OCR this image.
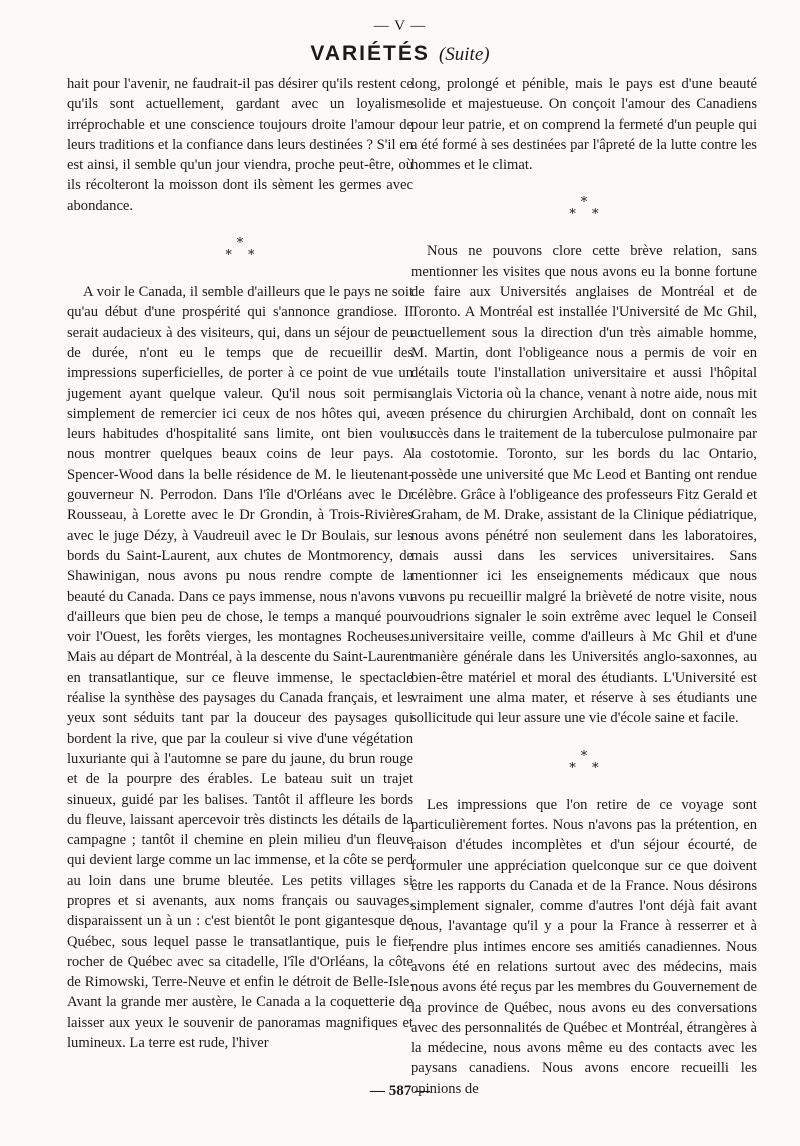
— V —
VARIÉTÉS (Suite)

hait pour l'avenir, ne faudrait-il pas désirer qu'ils restent ce qu'ils sont actuellement, gardant avec un loyalisme irréprochable et une conscience toujours droite l'amour de leurs traditions et la confiance dans leurs destinées ? S'il en est ainsi, il semble qu'un jour viendra, proche peut-être, où ils récolteront la moisson dont ils sèment les germes avec abondance.

*
* *

A voir le Canada, il semble d'ailleurs que le pays ne soit qu'au début d'une prospérité qui s'annonce grandiose. Il serait audacieux à des visiteurs, qui, dans un séjour de peu de durée, n'ont eu le temps que de recueillir des impressions superficielles, de porter à ce point de vue un jugement ayant quelque valeur. Qu'il nous soit permis simplement de remercier ici ceux de nos hôtes qui, avec leurs habitudes d'hospitalité sans limite, ont bien voulu nous montrer quelques beaux coins de leur pays. A Spencer-Wood dans la belle résidence de M. le lieutenant-gouverneur N. Perrodon. Dans l'île d'Orléans avec le Dr Rousseau, à Lorette avec le Dr Grondin, à Trois-Rivières avec le juge Dézy, à Vaudreuil avec le Dr Boulais, sur les bords du Saint-Laurent, aux chutes de Montmorency, de Shawinigan, nous avons pu nous rendre compte de la beauté du Canada. Dans ce pays immense, nous n'avons vu d'ailleurs que bien peu de chose, le temps a manqué pour voir l'Ouest, les forêts vierges, les montagnes Rocheuses. Mais au départ de Montréal, à la descente du Saint-Laurent en transatlantique, sur ce fleuve immense, le spectacle réalise la synthèse des paysages du Canada français, et les yeux sont séduits tant par la douceur des paysages qui bordent la rive, que par la couleur si vive d'une végétation luxuriante qui à l'automne se pare du jaune, du brun rouge et de la pourpre des érables. Le bateau suit un trajet sinueux, guidé par les balises. Tantôt il affleure les bords du fleuve, laissant apercevoir très distincts les détails de la campagne ; tantôt il chemine en plein milieu d'un fleuve qui devient large comme un lac immense, et la côte se perd au loin dans une brume bleutée. Les petits villages si propres et si avenants, aux noms français ou sauvages, disparaissent un à un : c'est bientôt le pont gigantesque de Québec, sous lequel passe le transatlantique, puis le fier rocher de Québec avec sa citadelle, l'île d'Orléans, la côte de Rimowski, Terre-Neuve et enfin le détroit de Belle-Isle. Avant la grande mer austère, le Canada a la coquetterie de laisser aux yeux le souvenir de panoramas magnifiques et lumineux. La terre est rude, l'hiver

long, prolongé et pénible, mais le pays est d'une beauté solide et majestueuse. On conçoit l'amour des Canadiens pour leur patrie, et on comprend la fermeté d'un peuple qui a été formé à ses destinées par l'âpreté de la lutte contre les hommes et le climat.

*
* *

Nous ne pouvons clore cette brève relation, sans mentionner les visites que nous avons eu la bonne fortune de faire aux Universités anglaises de Montréal et de Toronto. A Montréal est installée l'Université de Mc Ghil, actuellement sous la direction d'un très aimable homme, M. Martin, dont l'obligeance nous a permis de voir en détails toute l'installation universitaire et aussi l'hôpital anglais Victoria où la chance, venant à notre aide, nous mit en présence du chirurgien Archibald, dont on connaît les succès dans le traitement de la tuberculose pulmonaire par la costotomie. Toronto, sur les bords du lac Ontario, possède une université que Mc Leod et Banting ont rendue célèbre. Grâce à l'obligeance des professeurs Fitz Gerald et Graham, de M. Drake, assistant de la Clinique pédiatrique, nous avons pénétré non seulement dans les laboratoires, mais aussi dans les services universitaires. Sans mentionner ici les enseignements médicaux que nous avons pu recueillir malgré la brièveté de notre visite, nous voudrions signaler le soin extrême avec lequel le Conseil universitaire veille, comme d'ailleurs à Mc Ghil et d'une manière générale dans les Universités anglo-saxonnes, au bien-être matériel et moral des étudiants. L'Université est vraiment une alma mater, et réserve à ses étudiants une sollicitude qui leur assure une vie d'école saine et facile.

*
* *

Les impressions que l'on retire de ce voyage sont particulièrement fortes. Nous n'avons pas la prétention, en raison d'études incomplètes et d'un séjour écourté, de formuler une appréciation quelconque sur ce que doivent être les rapports du Canada et de la France. Nous désirons simplement signaler, comme d'autres l'ont déjà fait avant nous, l'avantage qu'il y a pour la France à resserrer et à rendre plus intimes encore ses amitiés canadiennes. Nous avons été en relations surtout avec des médecins, mais nous avons été reçus par les membres du Gouvernement de la province de Québec, nous avons eu des conversations avec des personnalités de Québec et Montréal, étrangères à la médecine, nous avons même eu des contacts avec les paysans canadiens. Nous avons encore recueilli les opinions de

— 587 —
